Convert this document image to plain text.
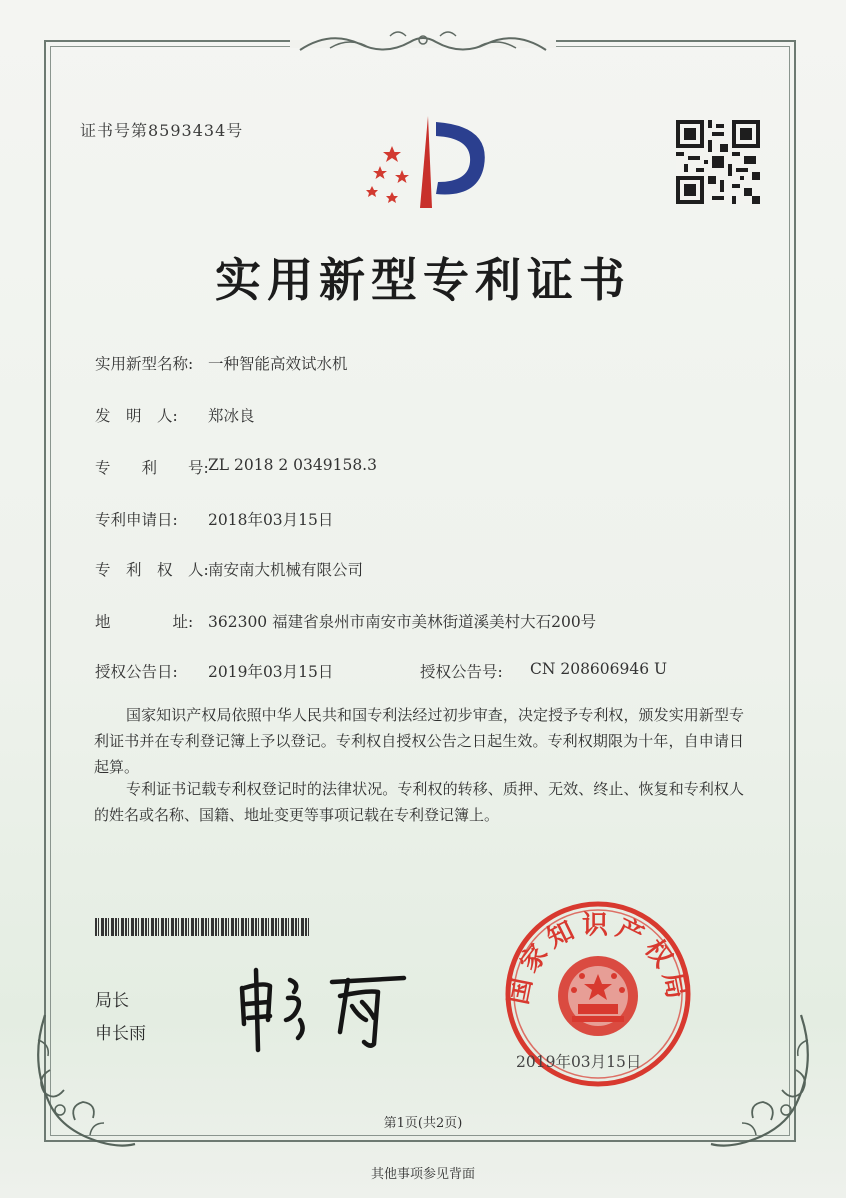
证书号第8593434号
实用新型专利证书
实用新型名称: 一种智能高效试水机
发　明　人: 郑冰良
专　　利　　号: ZL 2018 2 0349158.3
专利申请日: 2018年03月15日
专　利　权　人: 南安南大机械有限公司
地　　　　址: 362300 福建省泉州市南安市美林街道溪美村大石200号
授权公告日: 2019年03月15日	授权公告号: CN 208606946 U
国家知识产权局依照中华人民共和国专利法经过初步审查，决定授予专利权，颁发实用新型专利证书并在专利登记簿上予以登记。专利权自授权公告之日起生效。专利权期限为十年，自申请日起算。
专利证书记载专利权登记时的法律状况。专利权的转移、质押、无效、终止、恢复和专利权人的姓名或名称、国籍、地址变更等事项记载在专利登记簿上。
局长
申长雨
国家知识产权局
2019年03月15日
第1页(共2页)
其他事项参见背面
